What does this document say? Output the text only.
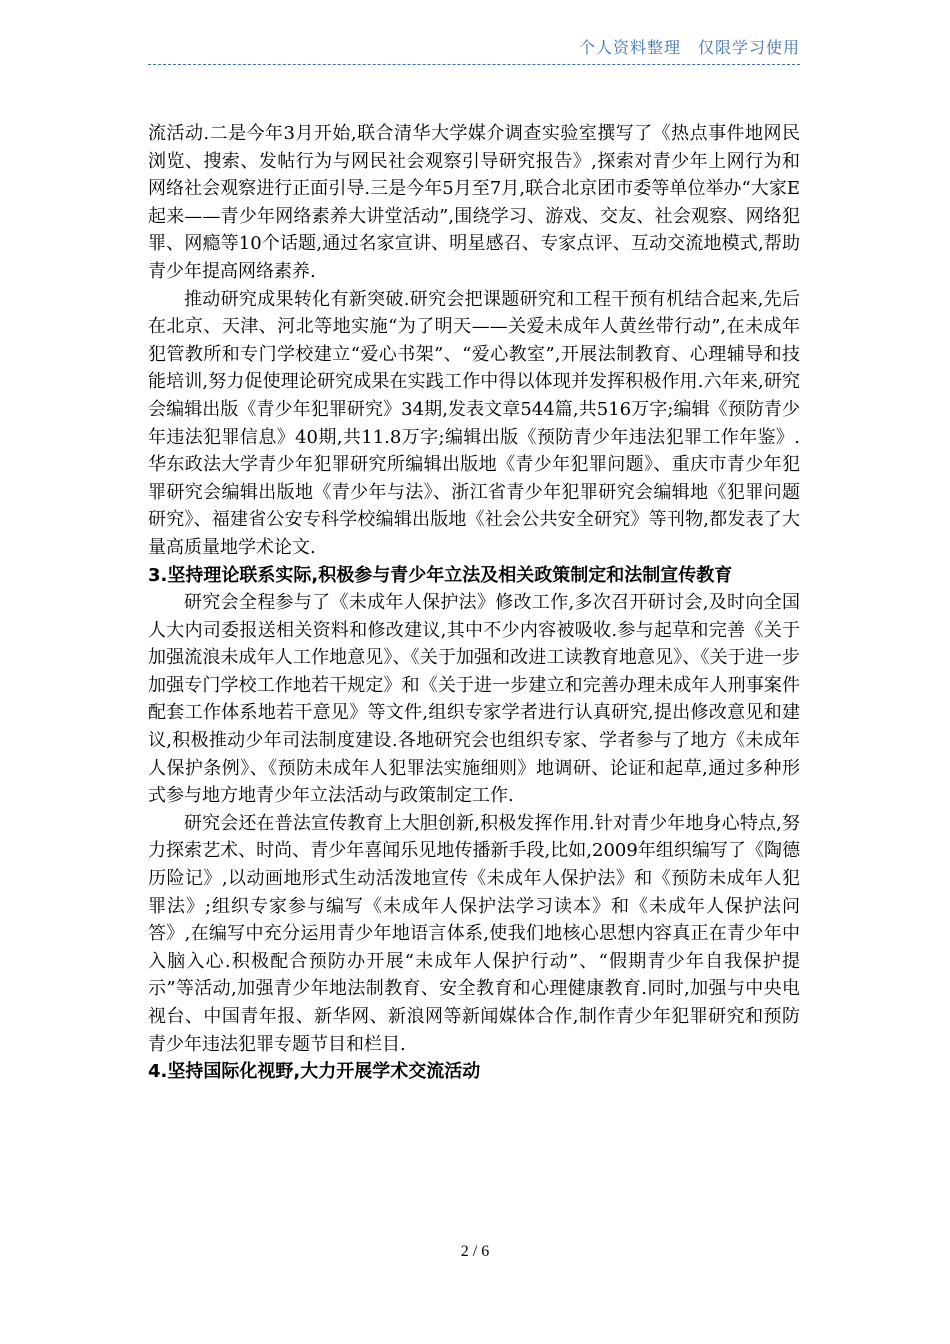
个人资料整理　仅限学习使用

流活动.二是今年3月开始,联合清华大学媒介调查实验室撰写了《热点事件地网民浏览、搜索、发帖行为与网民社会观察引导研究报告》,探索对青少年上网行为和网络社会观察进行正面引导.三是今年5月至7月,联合北京团市委等单位举办“大家E起来——青少年网络素养大讲堂活动”,围绕学习、游戏、交友、社会观察、网络犯罪、网瘾等10个话题,通过名家宣讲、明星感召、专家点评、互动交流地模式,帮助青少年提高网络素养.

推动研究成果转化有新突破.研究会把课题研究和工程干预有机结合起来,先后在北京、天津、河北等地实施“为了明天——关爱未成年人黄丝带行动”,在未成年犯管教所和专门学校建立“爱心书架”、“爱心教室”,开展法制教育、心理辅导和技能培训,努力促使理论研究成果在实践工作中得以体现并发挥积极作用.六年来,研究会编辑出版《青少年犯罪研究》34期,发表文章544篇,共516万字;编辑《预防青少年违法犯罪信息》40期,共11.8万字;编辑出版《预防青少年违法犯罪工作年鉴》.华东政法大学青少年犯罪研究所编辑出版地《青少年犯罪问题》、重庆市青少年犯罪研究会编辑出版地《青少年与法》、浙江省青少年犯罪研究会编辑地《犯罪问题研究》、福建省公安专科学校编辑出版地《社会公共安全研究》等刊物,都发表了大量高质量地学术论文.

3.坚持理论联系实际,积极参与青少年立法及相关政策制定和法制宣传教育

研究会全程参与了《未成年人保护法》修改工作,多次召开研讨会,及时向全国人大内司委报送相关资料和修改建议,其中不少内容被吸收.参与起草和完善《关于加强流浪未成年人工作地意见》、《关于加强和改进工读教育地意见》、《关于进一步加强专门学校工作地若干规定》和《关于进一步建立和完善办理未成年人刑事案件配套工作体系地若干意见》等文件,组织专家学者进行认真研究,提出修改意见和建议,积极推动少年司法制度建设.各地研究会也组织专家、学者参与了地方《未成年人保护条例》、《预防未成年人犯罪法实施细则》地调研、论证和起草,通过多种形式参与地方地青少年立法活动与政策制定工作.

研究会还在普法宣传教育上大胆创新,积极发挥作用.针对青少年地身心特点,努力探索艺术、时尚、青少年喜闻乐见地传播新手段,比如,2009年组织编写了《陶德历险记》,以动画地形式生动活泼地宣传《未成年人保护法》和《预防未成年人犯罪法》;组织专家参与编写《未成年人保护法学习读本》和《未成年人保护法问答》,在编写中充分运用青少年地语言体系,使我们地核心思想内容真正在青少年中入脑入心.积极配合预防办开展“未成年人保护行动”、“假期青少年自我保护提示”等活动,加强青少年地法制教育、安全教育和心理健康教育.同时,加强与中央电视台、中国青年报、新华网、新浪网等新闻媒体合作,制作青少年犯罪研究和预防青少年违法犯罪专题节目和栏目.

4.坚持国际化视野,大力开展学术交流活动

2 / 6
